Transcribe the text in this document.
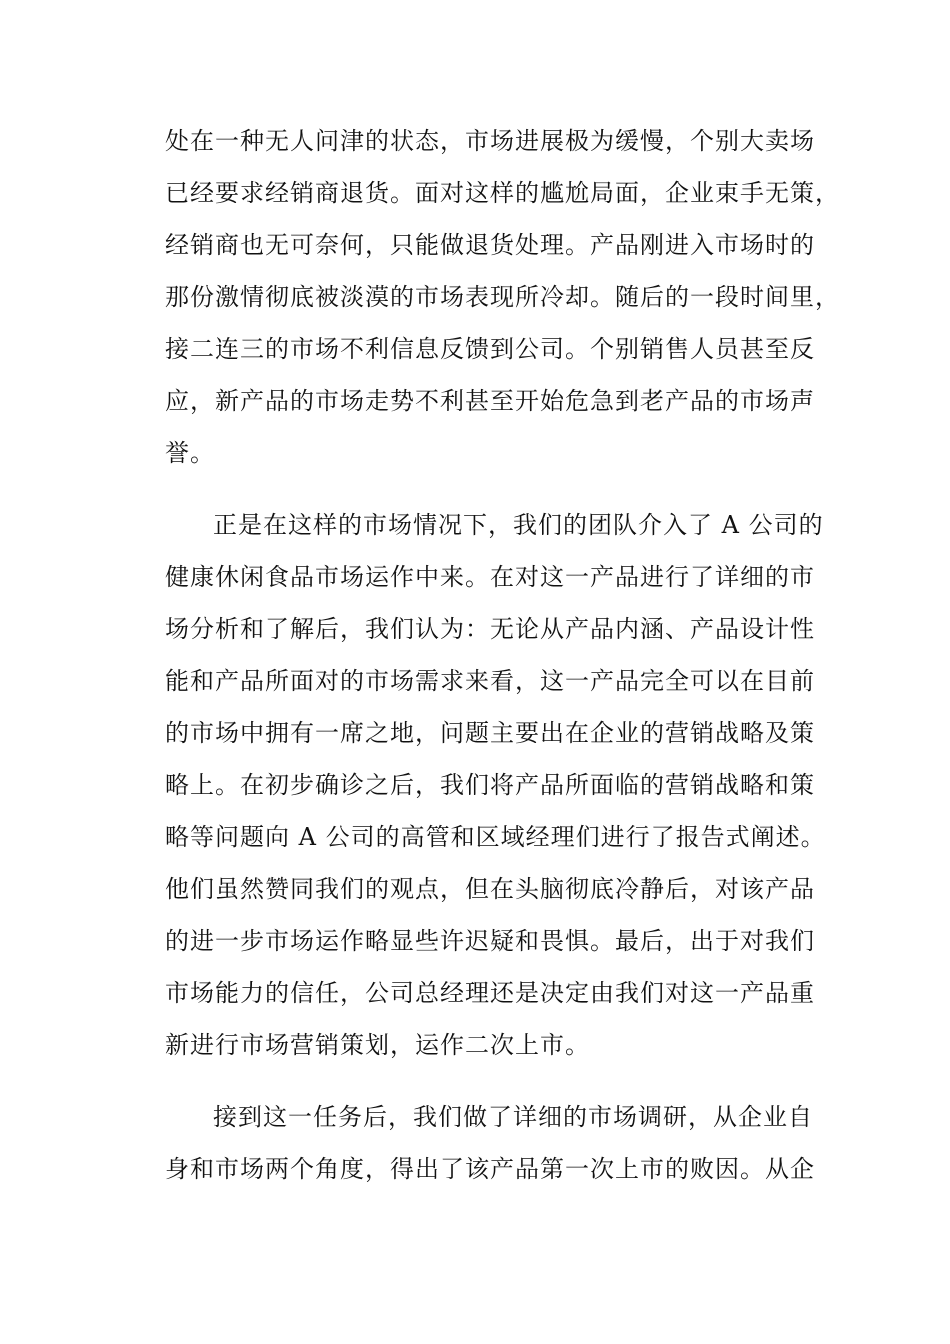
处在一种无人问津的状态，市场进展极为缓慢，个别大卖场
已经要求经销商退货。面对这样的尴尬局面，企业束手无策，
经销商也无可奈何，只能做退货处理。产品刚进入市场时的
那份激情彻底被淡漠的市场表现所冷却。随后的一段时间里，
接二连三的市场不利信息反馈到公司。个别销售人员甚至反
应，新产品的市场走势不利甚至开始危急到老产品的市场声
誉。
正是在这样的市场情况下，我们的团队介入了 A 公司的
健康休闲食品市场运作中来。在对这一产品进行了详细的市
场分析和了解后，我们认为：无论从产品内涵、产品设计性
能和产品所面对的市场需求来看，这一产品完全可以在目前
的市场中拥有一席之地，问题主要出在企业的营销战略及策
略上。在初步确诊之后，我们将产品所面临的营销战略和策
略等问题向 A 公司的高管和区域经理们进行了报告式阐述。
他们虽然赞同我们的观点，但在头脑彻底冷静后，对该产品
的进一步市场运作略显些许迟疑和畏惧。最后，出于对我们
市场能力的信任，公司总经理还是决定由我们对这一产品重
新进行市场营销策划，运作二次上市。
接到这一任务后，我们做了详细的市场调研，从企业自
身和市场两个角度，得出了该产品第一次上市的败因。从企
